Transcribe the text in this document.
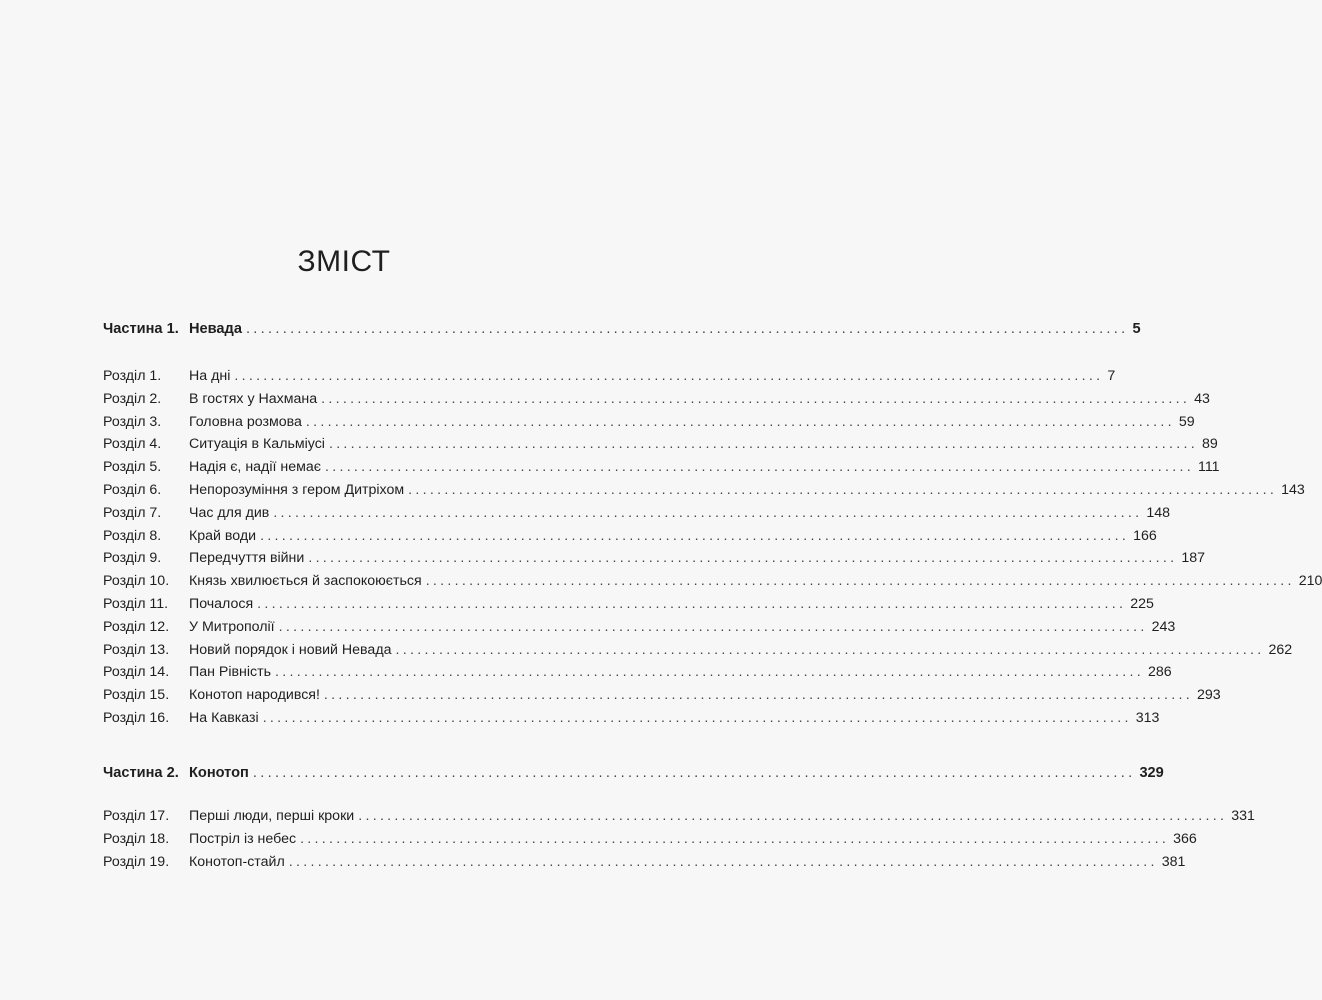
ЗМІСТ
Частина 1. Невада ........................................................................................................................ 5
Розділ 1.	На дні ........................................................................................................................ 7
Розділ 2.	В гостях у Нахмана ........................................................................................................................ 43
Розділ 3.	Головна розмова ........................................................................................................................ 59
Розділ 4.	Ситуація в Кальміусі ........................................................................................................................ 89
Розділ 5.	Надія є, надії немає ........................................................................................................................ 111
Розділ 6.	Непорозуміння з гером Дитріхом ........................................................................................................................ 143
Розділ 7.	Час для див ........................................................................................................................ 148
Розділ 8.	Край води ........................................................................................................................ 166
Розділ 9.	Передчуття війни ........................................................................................................................ 187
Розділ 10.	Князь хвилюється й заспокоюється ........................................................................................................................ 210
Розділ 11.	Почалося ........................................................................................................................ 225
Розділ 12.	У Митрополії ........................................................................................................................ 243
Розділ 13.	Новий порядок і новий Невада ........................................................................................................................ 262
Розділ 14.	Пан Рівність ........................................................................................................................ 286
Розділ 15.	Конотоп народився! ........................................................................................................................ 293
Розділ 16.	На Кавказі ........................................................................................................................ 313
Частина 2. Конотоп ........................................................................................................................ 329
Розділ 17.	Перші люди, перші кроки ........................................................................................................................ 331
Розділ 18.	Постріл із небес ........................................................................................................................ 366
Розділ 19.	Конотоп-стайл ........................................................................................................................ 381
